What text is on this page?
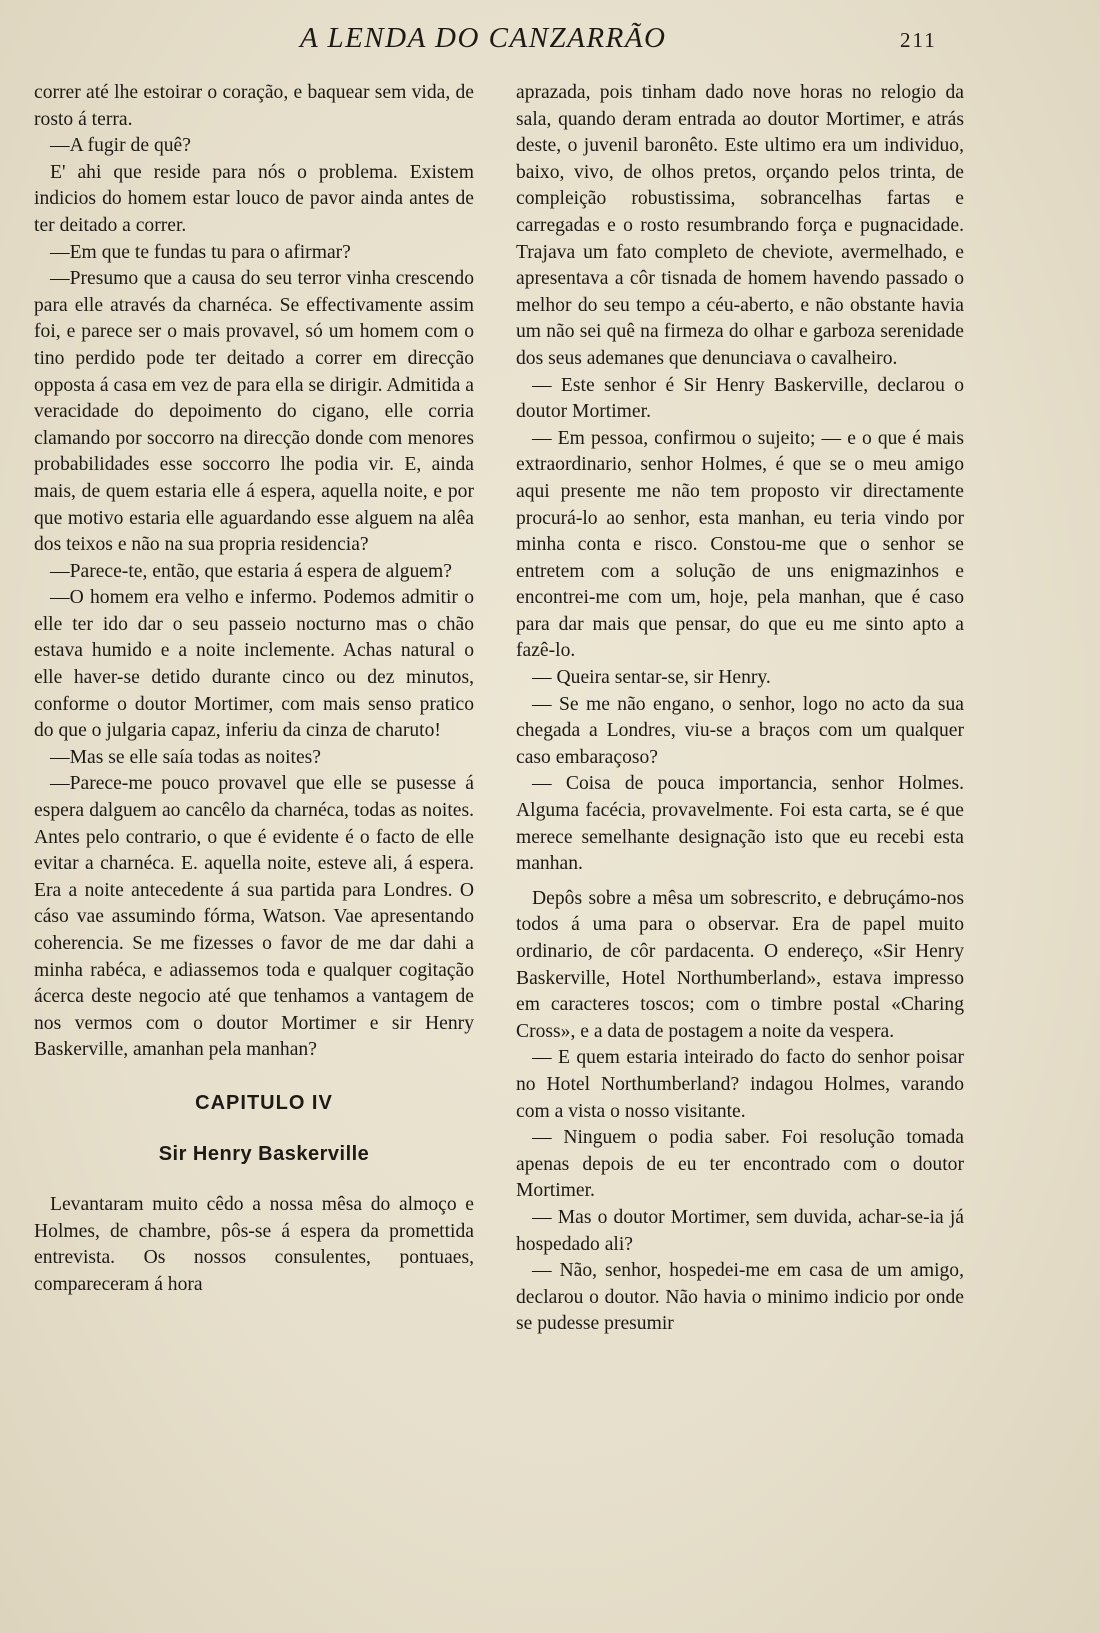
A LENDA DO CANZARRÃO	211

correr até lhe estoirar o coração, e baquear sem vida, de rosto á terra.

—A fugir de quê?

E' ahi que reside para nós o problema. Existem indicios do homem estar louco de pavor ainda antes de ter deitado a correr.

—Em que te fundas tu para o afirmar?

—Presumo que a causa do seu terror vinha crescendo para elle através da charnéca. Se effectivamente assim foi, e parece ser o mais provavel, só um homem com o tino perdido pode ter deitado a correr em direcção opposta á casa em vez de para ella se dirigir. Admitida a veracidade do depoimento do cigano, elle corria clamando por soccorro na direcção donde com menores probabilidades esse soccorro lhe podia vir. E, ainda mais, de quem estaria elle á espera, aquella noite, e por que motivo estaria elle aguardando esse alguem na alêa dos teixos e não na sua propria residencia?

—Parece-te, então, que estaria á espera de alguem?

—O homem era velho e infermo. Podemos admitir o elle ter ido dar o seu passeio nocturno mas o chão estava humido e a noite inclemente. Achas natural o elle haver-se detido durante cinco ou dez minutos, conforme o doutor Mortimer, com mais senso pratico do que o julgaria capaz, inferiu da cinza de charuto!

—Mas se elle saía todas as noites?

—Parece-me pouco provavel que elle se pusesse á espera dalguem ao cancêlo da charnéca, todas as noites. Antes pelo contrario, o que é evidente é o facto de elle evitar a charnéca. E. aquella noite, esteve ali, á espera. Era a noite antecedente á sua partida para Londres. O cáso vae assumindo fórma, Watson. Vae apresentando coherencia. Se me fizesses o favor de me dar dahi a minha rabéca, e adiassemos toda e qualquer cogitação ácerca deste negocio até que tenhamos a vantagem de nos vermos com o doutor Mortimer e sir Henry Baskerville, amanhan pela manhan?

CAPITULO IV
Sir Henry Baskerville

Levantaram muito cêdo a nossa mêsa do almoço e Holmes, de chambre, pôs-se á espera da promettida entrevista. Os nossos consulentes, pontuaes, compareceram á hora

aprazada, pois tinham dado nove horas no relogio da sala, quando deram entrada ao doutor Mortimer, e atrás deste, o juvenil baronêto. Este ultimo era um individuo, baixo, vivo, de olhos pretos, orçando pelos trinta, de compleição robustissima, sobrancelhas fartas e carregadas e o rosto resumbrando força e pugnacidade. Trajava um fato completo de cheviote, avermelhado, e apresentava a côr tisnada de homem havendo passado o melhor do seu tempo a céu-aberto, e não obstante havia um não sei quê na firmeza do olhar e garboza serenidade dos seus ademanes que denunciava o cavalheiro.

— Este senhor é Sir Henry Baskerville, declarou o doutor Mortimer.

— Em pessoa, confirmou o sujeito; — e o que é mais extraordinario, senhor Holmes, é que se o meu amigo aqui presente me não tem proposto vir directamente procurá-lo ao senhor, esta manhan, eu teria vindo por minha conta e risco. Constou-me que o senhor se entretem com a solução de uns enigmazinhos e encontrei-me com um, hoje, pela manhan, que é caso para dar mais que pensar, do que eu me sinto apto a fazê-lo.

— Queira sentar-se, sir Henry.

— Se me não engano, o senhor, logo no acto da sua chegada a Londres, viu-se a braços com um qualquer caso embaraçoso?

— Coisa de pouca importancia, senhor Holmes. Alguma facécia, provavelmente. Foi esta carta, se é que merece semelhante designação isto que eu recebi esta manhan.

Depôs sobre a mêsa um sobrescrito, e debruçámo-nos todos á uma para o observar. Era de papel muito ordinario, de côr pardacenta. O endereço, «Sir Henry Baskerville, Hotel Northumberland», estava impresso em caracteres toscos; com o timbre postal «Charing Cross», e a data de postagem a noite da vespera.

— E quem estaria inteirado do facto do senhor poisar no Hotel Northumberland? indagou Holmes, varando com a vista o nosso visitante.

— Ninguem o podia saber. Foi resolução tomada apenas depois de eu ter encontrado com o doutor Mortimer.

— Mas o doutor Mortimer, sem duvida, achar-se-ia já hospedado ali?

— Não, senhor, hospedei-me em casa de um amigo, declarou o doutor. Não havia o minimo indicio por onde se pudesse presumir
